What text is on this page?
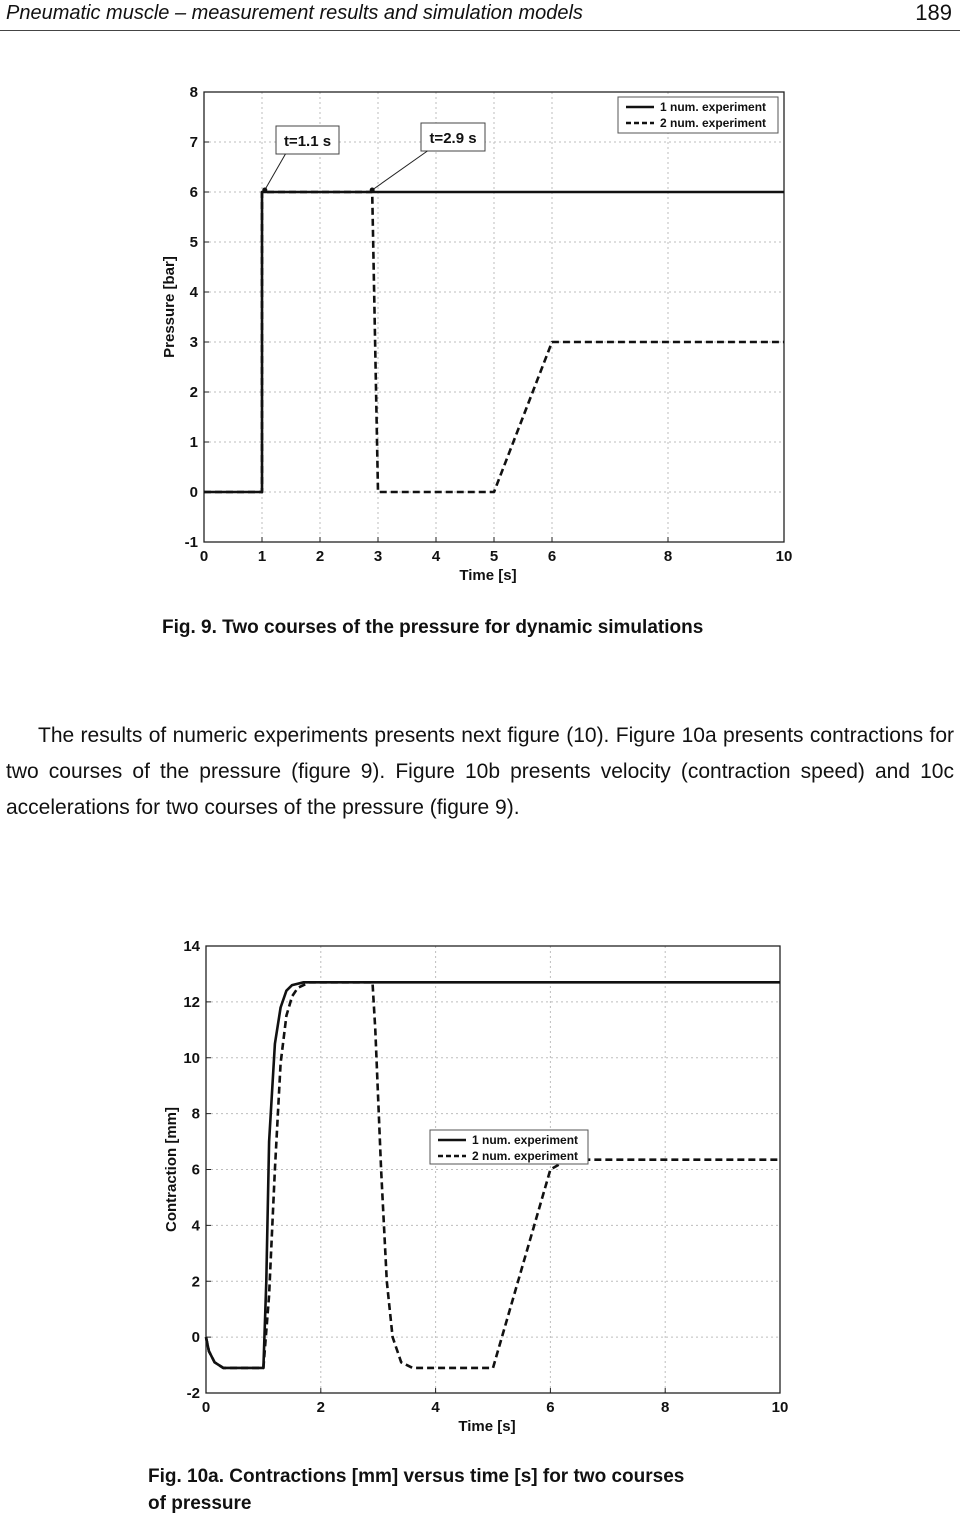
Pneumatic muscle – measurement results and simulation models	189
0	1	2	3	4	5	6	8	10
-1
0
1
2
3
4
5
6
7
8
Time [s]
Pressure [bar]
1 num. experiment
2 num. experiment
t=1.1 s	t=2.9 s
Fig. 9. Two courses of the pressure for dynamic simulations
The results of numeric experiments presents next figure (10). Figure 10a presents contractions for two courses of the pressure (figure 9). Figure 10b presents velocity (contraction speed) and 10c accelerations for two courses of the pressure (figure 9).
0	2	4	6	8	10
-2
0
2
4
6
8
10
12
14
Time [s]
Contraction [mm]	1 num. experiment
2 num. experiment
Fig. 10a. Contractions [mm] versus time [s] for two courses
of pressure
